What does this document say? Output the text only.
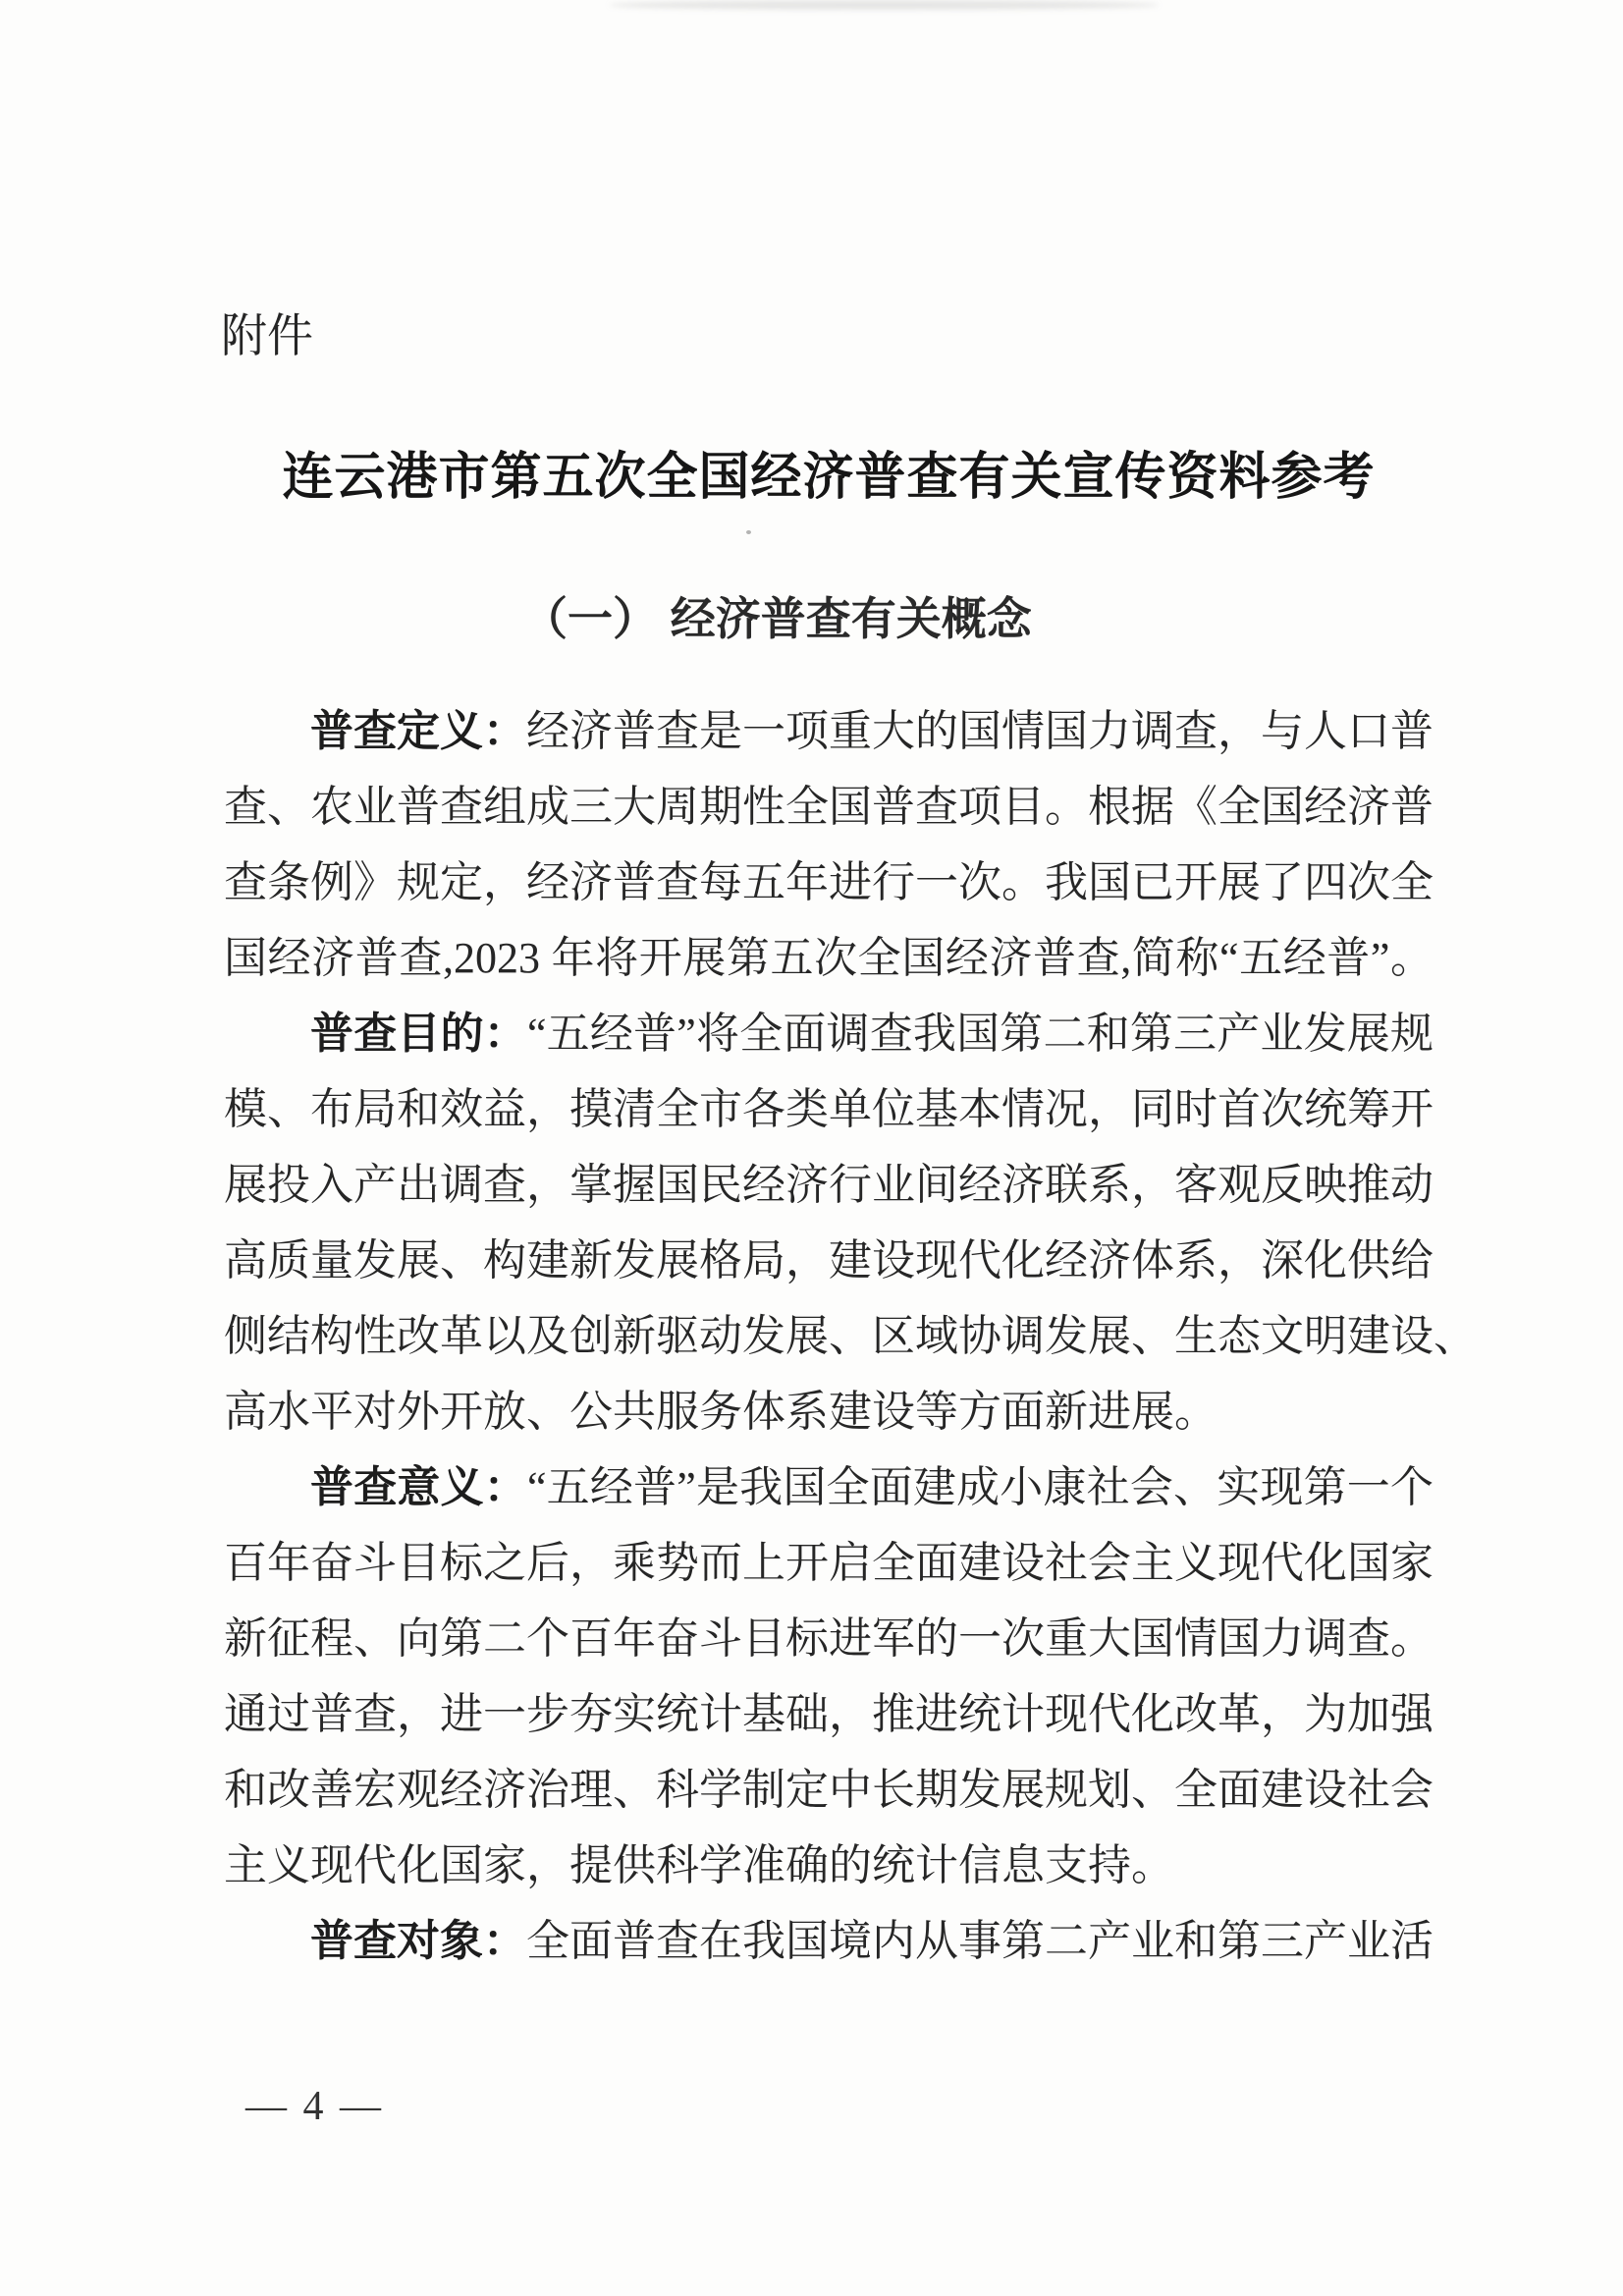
附件
连云港市第五次全国经济普查有关宣传资料参考
（一） 经济普查有关概念
普查定义：经济普查是一项重大的国情国力调查，与人口普
查、农业普查组成三大周期性全国普查项目。根据《全国经济普
查条例》规定，经济普查每五年进行一次。我国已开展了四次全
国经济普查,2023 年将开展第五次全国经济普查,简称“五经普”。
普查目的：“五经普”将全面调查我国第二和第三产业发展规
模、布局和效益，摸清全市各类单位基本情况，同时首次统筹开
展投入产出调查，掌握国民经济行业间经济联系，客观反映推动
高质量发展、构建新发展格局，建设现代化经济体系，深化供给
侧结构性改革以及创新驱动发展、区域协调发展、生态文明建设、
高水平对外开放、公共服务体系建设等方面新进展。
普查意义：“五经普”是我国全面建成小康社会、实现第一个
百年奋斗目标之后，乘势而上开启全面建设社会主义现代化国家
新征程、向第二个百年奋斗目标进军的一次重大国情国力调查。
通过普查，进一步夯实统计基础，推进统计现代化改革，为加强
和改善宏观经济治理、科学制定中长期发展规划、全面建设社会
主义现代化国家，提供科学准确的统计信息支持。
普查对象：全面普查在我国境内从事第二产业和第三产业活
— 4 —
